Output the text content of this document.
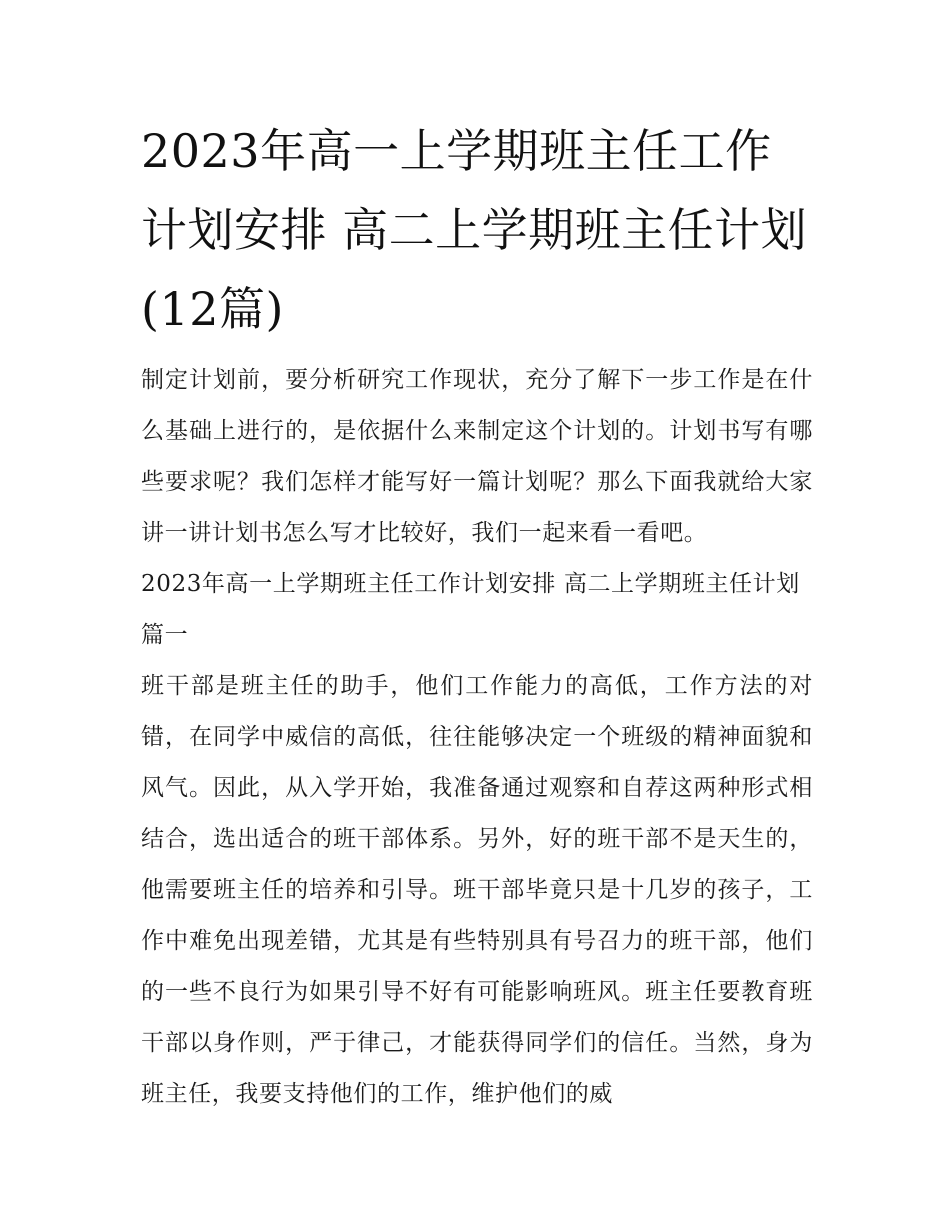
2023年高一上学期班主任工作计划安排 高二上学期班主任计划(12篇)

制定计划前，要分析研究工作现状，充分了解下一步工作是在什么基础上进行的，是依据什么来制定这个计划的。计划书写有哪些要求呢？我们怎样才能写好一篇计划呢？那么下面我就给大家讲一讲计划书怎么写才比较好，我们一起来看一看吧。

2023年高一上学期班主任工作计划安排 高二上学期班主任计划篇一

班干部是班主任的助手，他们工作能力的高低，工作方法的对错，在同学中威信的高低，往往能够决定一个班级的精神面貌和风气。因此，从入学开始，我准备通过观察和自荐这两种形式相结合，选出适合的班干部体系。另外，好的班干部不是天生的，他需要班主任的培养和引导。班干部毕竟只是十几岁的孩子，工作中难免出现差错，尤其是有些特别具有号召力的班干部，他们的一些不良行为如果引导不好有可能影响班风。班主任要教育班干部以身作则，严于律己，才能获得同学们的信任。当然，身为班主任，我要支持他们的工作，维护他们的威
